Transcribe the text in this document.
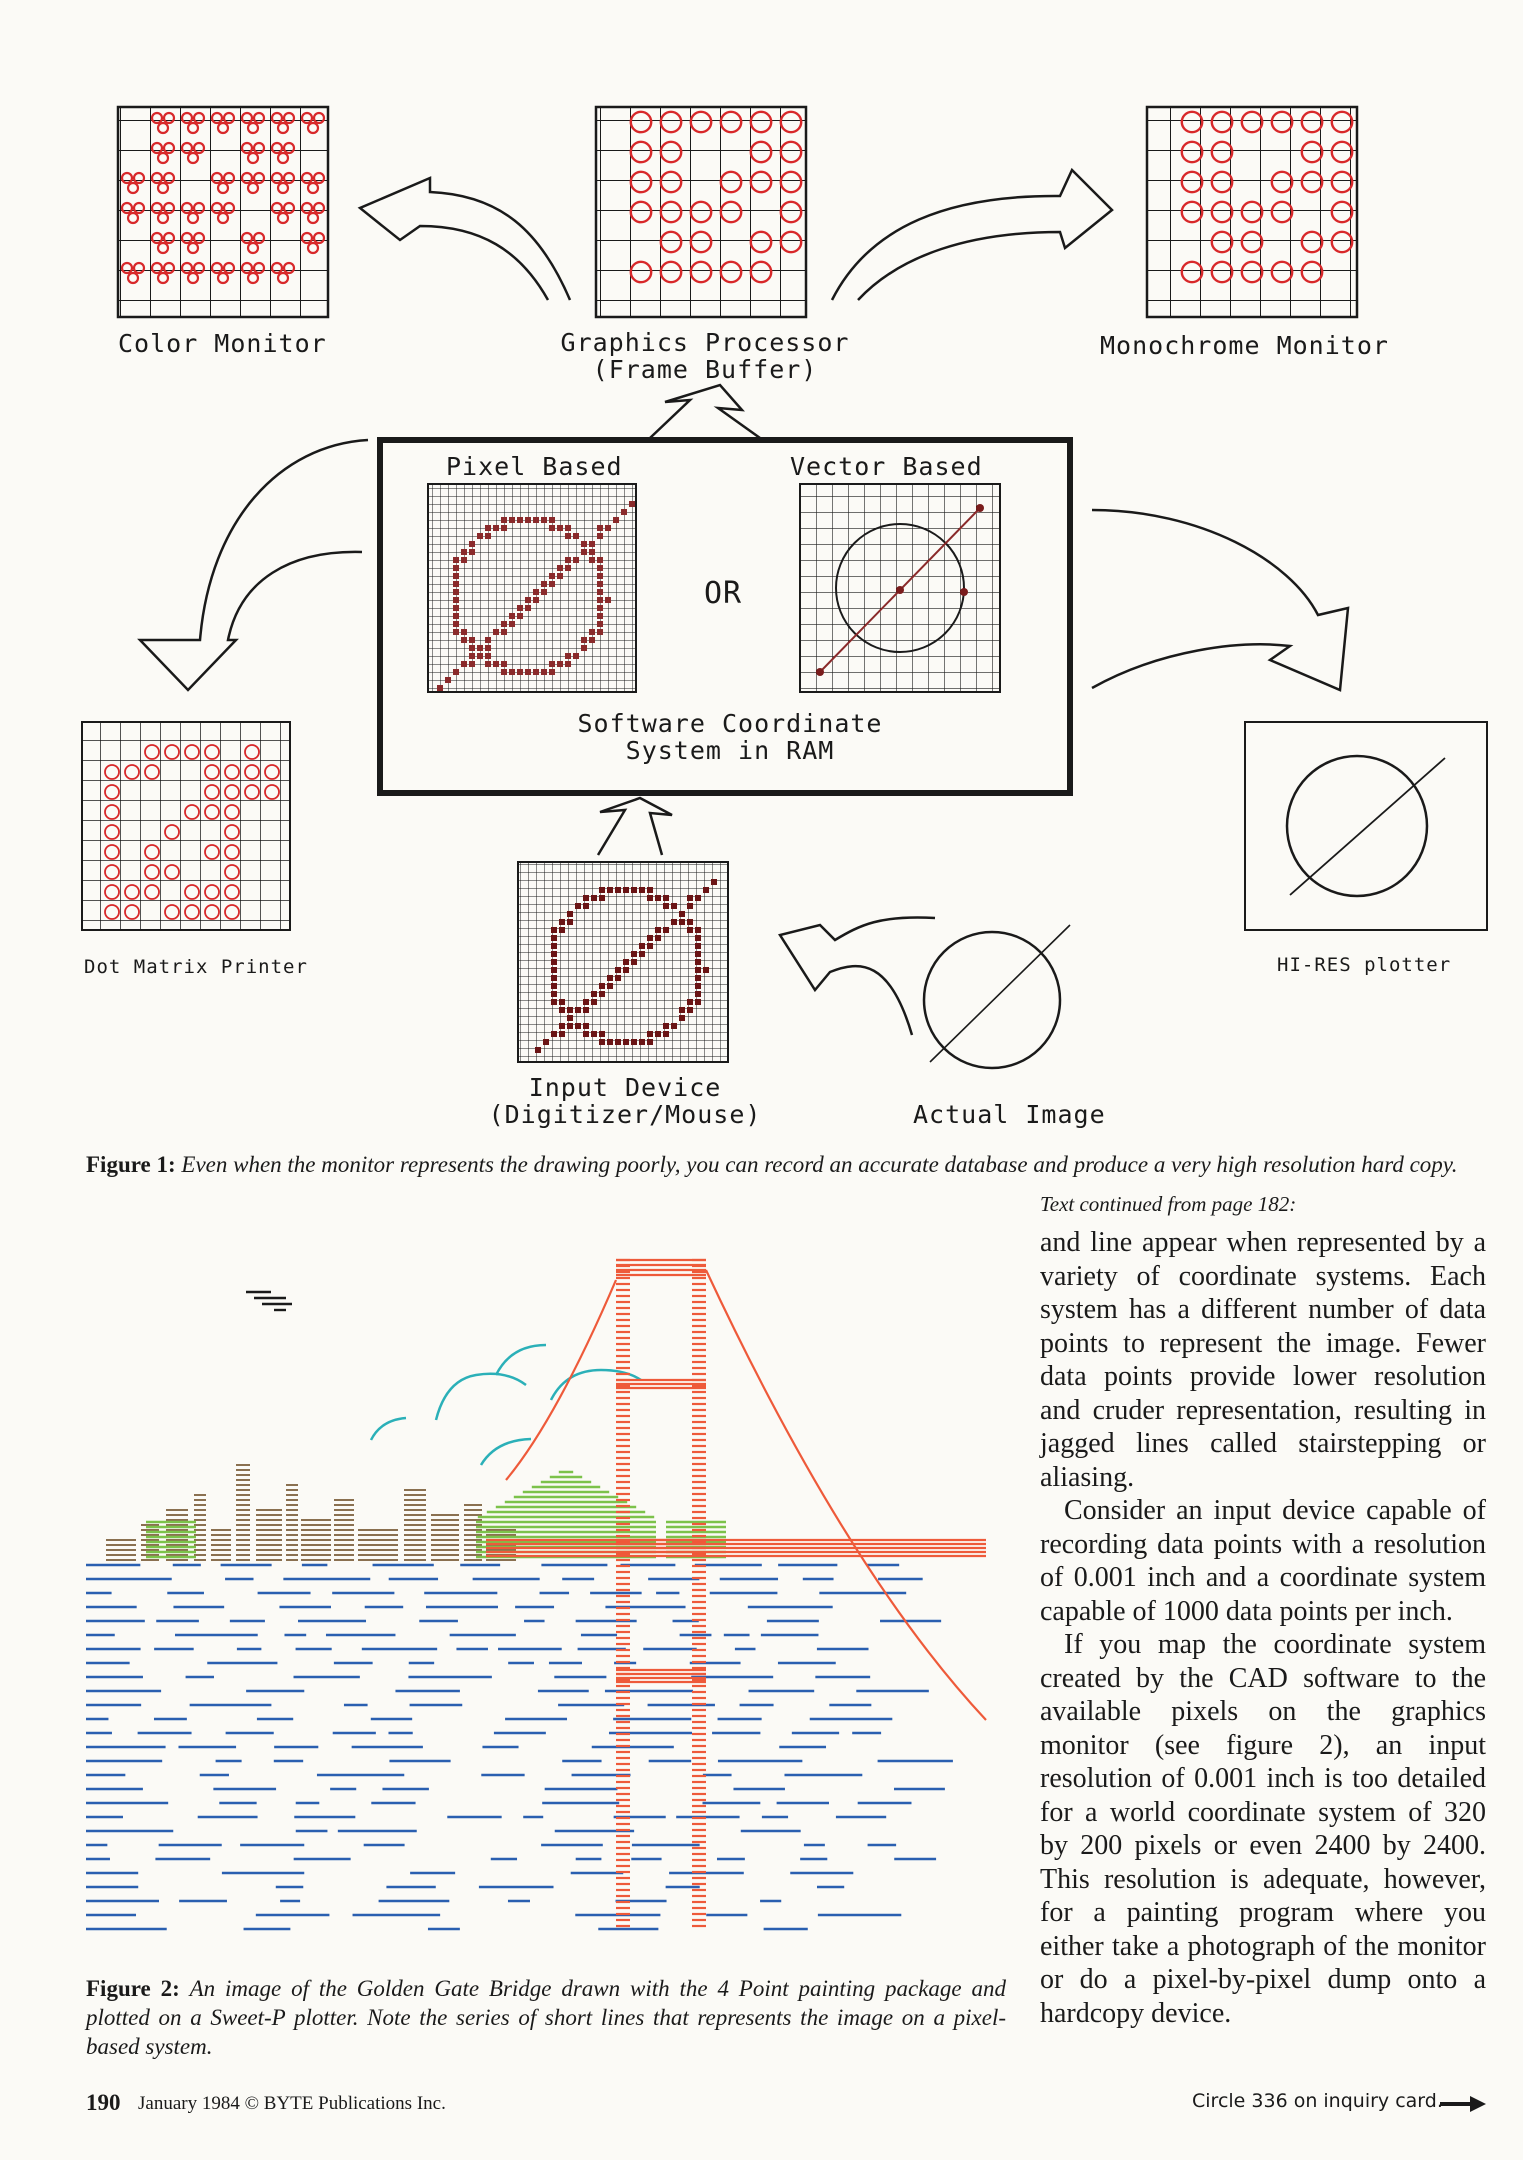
Color Monitor	Graphics Processor
(Frame Buffer)
Monochrome Monitor
Pixel Based	Vector Based
OR
Software Coordinate
System in RAM
Dot Matrix Printer	HI-RES plotter
Input Device
(Digitizer/Mouse)	Actual Image
Figure 1: Even when the monitor represents the drawing poorly, you can record an accurate database and produce a very high resolution hard copy.
Figure 2: An image of the Golden Gate Bridge drawn with the 4 Point painting package and plotted on a Sweet-P plotter. Note the series of short lines that represents the image on a pixel-based system.
Text continued from page 182:

and line appear when represented by a variety of coordinate systems. Each system has a different number of data points to represent the image. Fewer data points provide lower resolution and cruder representation, resulting in jagged lines called stairstepping or aliasing.

Consider an input device capable of recording data points with a resolution of 0.001 inch and a coordinate system capable of 1000 data points per inch.

If you map the coordinate system created by the CAD software to the available pixels on the graphics monitor (see figure 2), an input resolution of 0.001 inch is too detailed for a world coordinate system of 320 by 200 pixels or even 2400 by 2400. This resolution is adequate, however, for a painting program where you either take a photograph of the monitor or do a pixel-by-pixel dump onto a hardcopy device.

190 January 1984 © BYTE Publications Inc.	Circle 336 on inquiry card.
